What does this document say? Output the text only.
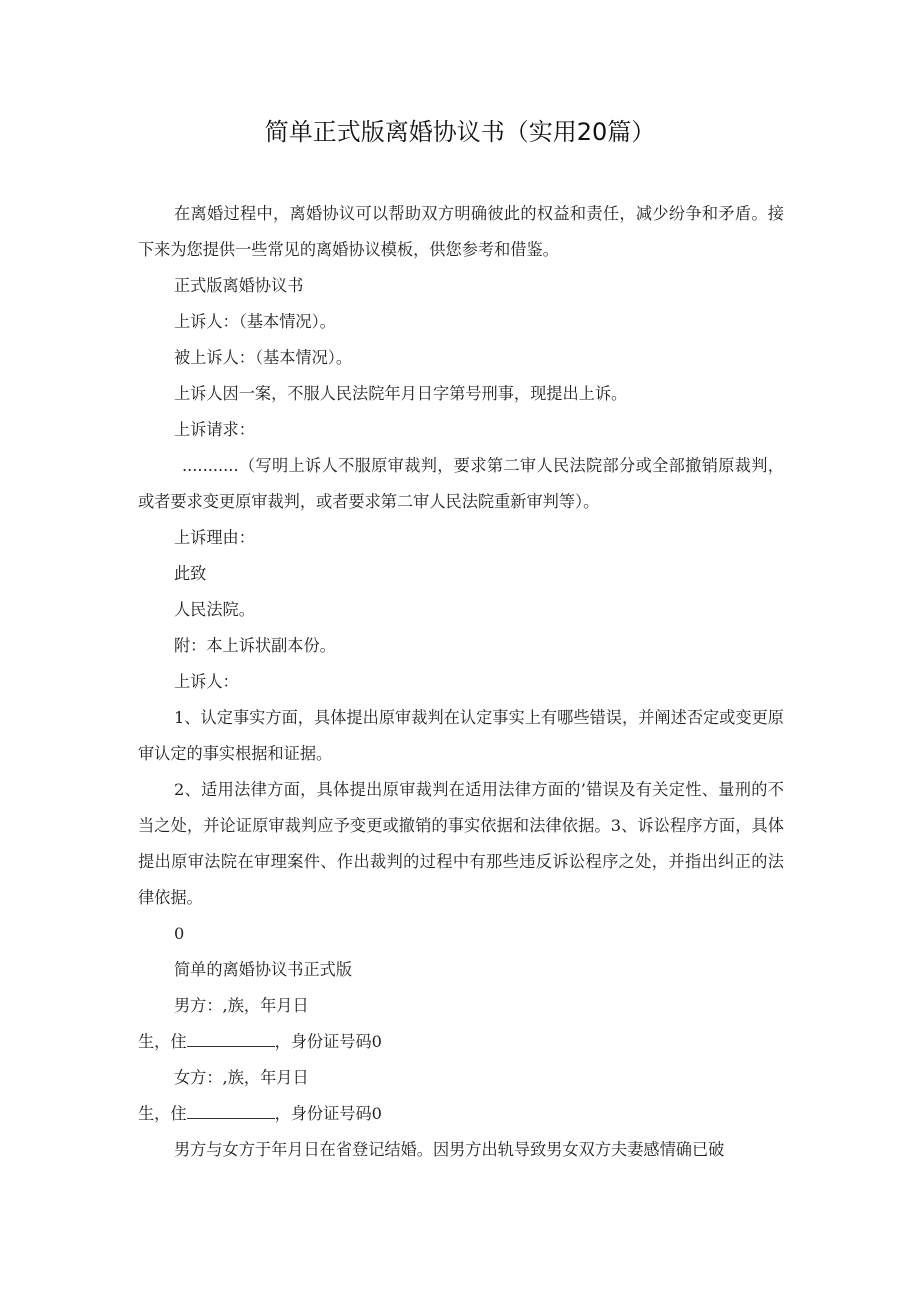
简单正式版离婚协议书（实用20篇）

在离婚过程中，离婚协议可以帮助双方明确彼此的权益和责任，减少纷争和矛盾。接下来为您提供一些常见的离婚协议模板，供您参考和借鉴。

正式版离婚协议书

上诉人：（基本情况）。

被上诉人：（基本情况）。

上诉人因一案，不服人民法院年月日字第号刑事，现提出上诉。

上诉请求：

...........（写明上诉人不服原审裁判，要求第二审人民法院部分或全部撤销原裁判，或者要求变更原审裁判，或者要求第二审人民法院重新审判等）。

上诉理由：

此致

人民法院。

附：本上诉状副本份。

上诉人：

1、认定事实方面，具体提出原审裁判在认定事实上有哪些错误，并阐述否定或变更原审认定的事实根据和证据。

2、适用法律方面，具体提出原审裁判在适用法律方面的’错误及有关定性、量刑的不当之处，并论证原审裁判应予变更或撤销的事实依据和法律依据。3、诉讼程序方面，具体提出原审法院在审理案件、作出裁判的过程中有那些违反诉讼程序之处，并指出纠正的法律依据。

0

简单的离婚协议书正式版

男方：,族，年月日

生，住	，身份证号码0

女方：,族，年月日

生，住	，身份证号码0

男方与女方于年月日在省登记结婚。因男方出轨导致男女双方夫妻感情确已破
